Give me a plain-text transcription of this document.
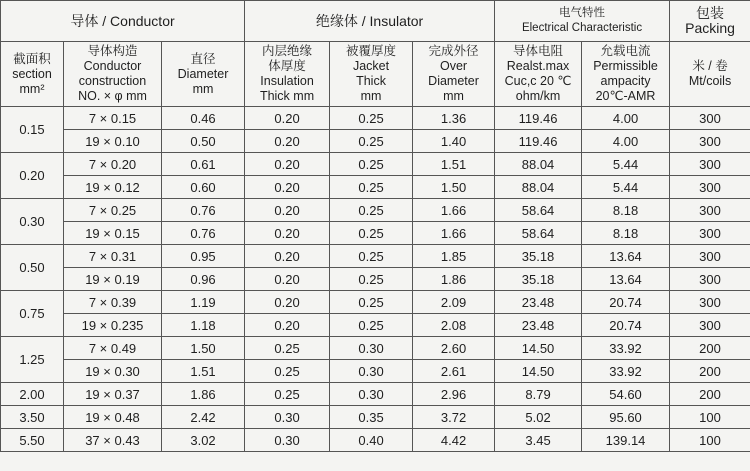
导体 / Conductor			绝缘体 / Insulator			电气特性
Electrical Characteristic		包装
Packing

截面积
section
mm²	导体构造
Conductor
construction
NO. × φ mm	直径
Diameter
mm	内层绝缘
体厚度
Insulation
Thick mm	被覆厚度
Jacket
Thick
mm	完成外径
Over
Diameter
mm	导体电阻
Realst.max
Cuc,c 20 ℃
ohm/km	允载电流
Permissible
ampacity
20℃-AMR	米 / 卷
Mt/coils

0.15	7 × 0.15	0.46	0.20	0.25	1.36	119.46	4.00	300
	19 × 0.10	0.50	0.20	0.25	1.40	119.46	4.00	300
0.20	7 × 0.20	0.61	0.20	0.25	1.51	88.04	5.44	300
	19 × 0.12	0.60	0.20	0.25	1.50	88.04	5.44	300
0.30	7 × 0.25	0.76	0.20	0.25	1.66	58.64	8.18	300
	19 × 0.15	0.76	0.20	0.25	1.66	58.64	8.18	300
0.50	7 × 0.31	0.95	0.20	0.25	1.85	35.18	13.64	300
	19 × 0.19	0.96	0.20	0.25	1.86	35.18	13.64	300
0.75	7 × 0.39	1.19	0.20	0.25	2.09	23.48	20.74	300
	19 × 0.235	1.18	0.20	0.25	2.08	23.48	20.74	300
1.25	7 × 0.49	1.50	0.25	0.30	2.60	14.50	33.92	200
	19 × 0.30	1.51	0.25	0.30	2.61	14.50	33.92	200
2.00	19 × 0.37	1.86	0.25	0.30	2.96	8.79	54.60	200
3.50	19 × 0.48	2.42	0.30	0.35	3.72	5.02	95.60	100
5.50	37 × 0.43	3.02	0.30	0.40	4.42	3.45	139.14	100
